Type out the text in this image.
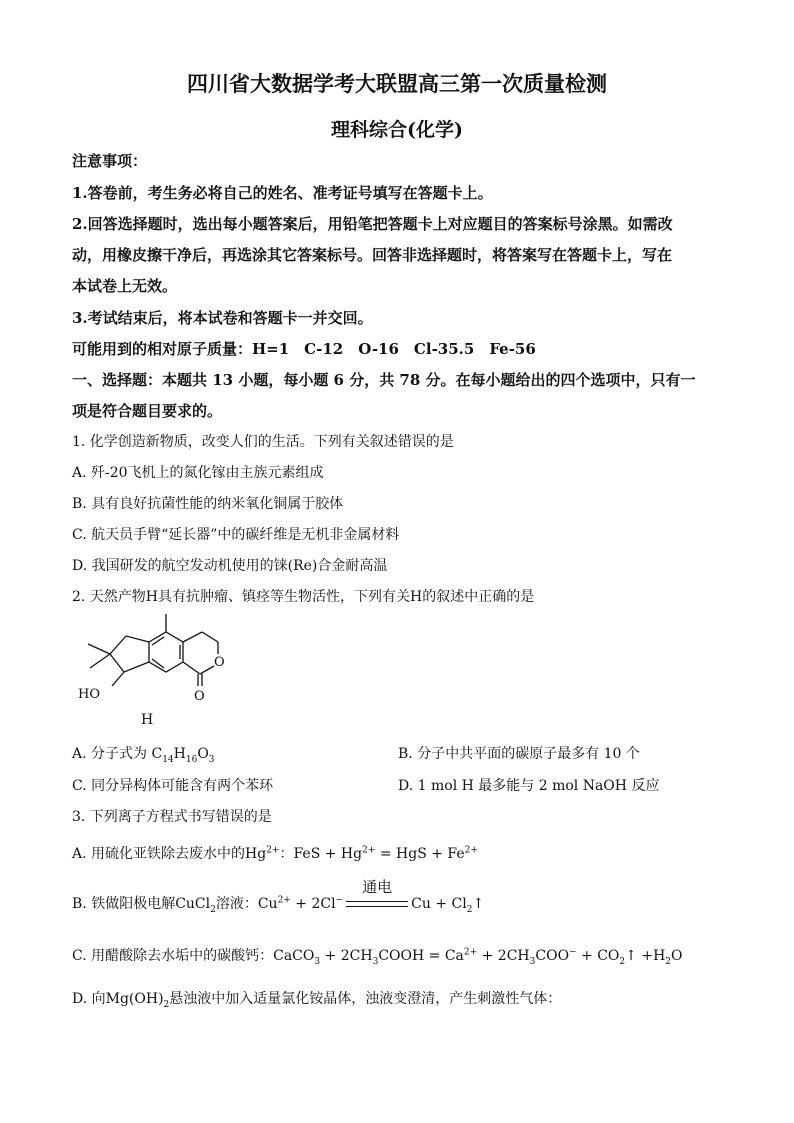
四川省大数据学考大联盟高三第一次质量检测
理科综合(化学)
注意事项：
1.答卷前，考生务必将自己的姓名、准考证号填写在答题卡上。
2.回答选择题时，选出每小题答案后，用铅笔把答题卡上对应题目的答案标号涂黑。如需改
动，用橡皮擦干净后，再选涂其它答案标号。回答非选择题时，将答案写在答题卡上，写在
本试卷上无效。
3.考试结束后，将本试卷和答题卡一并交回。
可能用到的相对原子质量：H=1　C-12　O-16　Cl-35.5　Fe-56
一、选择题：本题共 13 小题，每小题 6 分，共 78 分。在每小题给出的四个选项中，只有一
项是符合题目要求的。
1. 化学创造新物质，改变人们的生活。下列有关叙述错误的是
A. 歼-20飞机上的氮化镓由主族元素组成
B. 具有良好抗菌性能的纳米氧化铜属于胶体
C. 航天员手臂“延长器”中的碳纤维是无机非金属材料
D. 我国研发的航空发动机使用的铼(Re)合金耐高温
2. 天然产物H具有抗肿瘤、镇痉等生物活性，下列有关H的叙述中正确的是
O
O
HO
H
A. 分子式为 $C_{14}H_{16}O_3$	B. 分子中共平面的碳原子最多有 10 个
C. 同分异构体可能含有两个苯环	D. 1 mol H 最多能与 2 mol NaOH 反应
3. 下列离子方程式书写错误的是
A. 用硫化亚铁除去废水中的$Hg^{2+}$：FeS + $Hg^{2+}$ = HgS + $Fe^{2+}$
B. 铁做阳极电解CuCl$_2$溶液：$Cu^{2+} + 2Cl^-$
通电
$Cu + Cl_2↑$
C. 用醋酸除去水垢中的碳酸钙：CaCO$_3$ + $2CH_3COOH = Ca^{2+} + 2CH_3COO^-$ + $CO_2↑ +H_2O$
D. 向$Mg(OH)_2$悬浊液中加入适量氯化铵晶体，浊液变澄清，产生刺激性气体：
